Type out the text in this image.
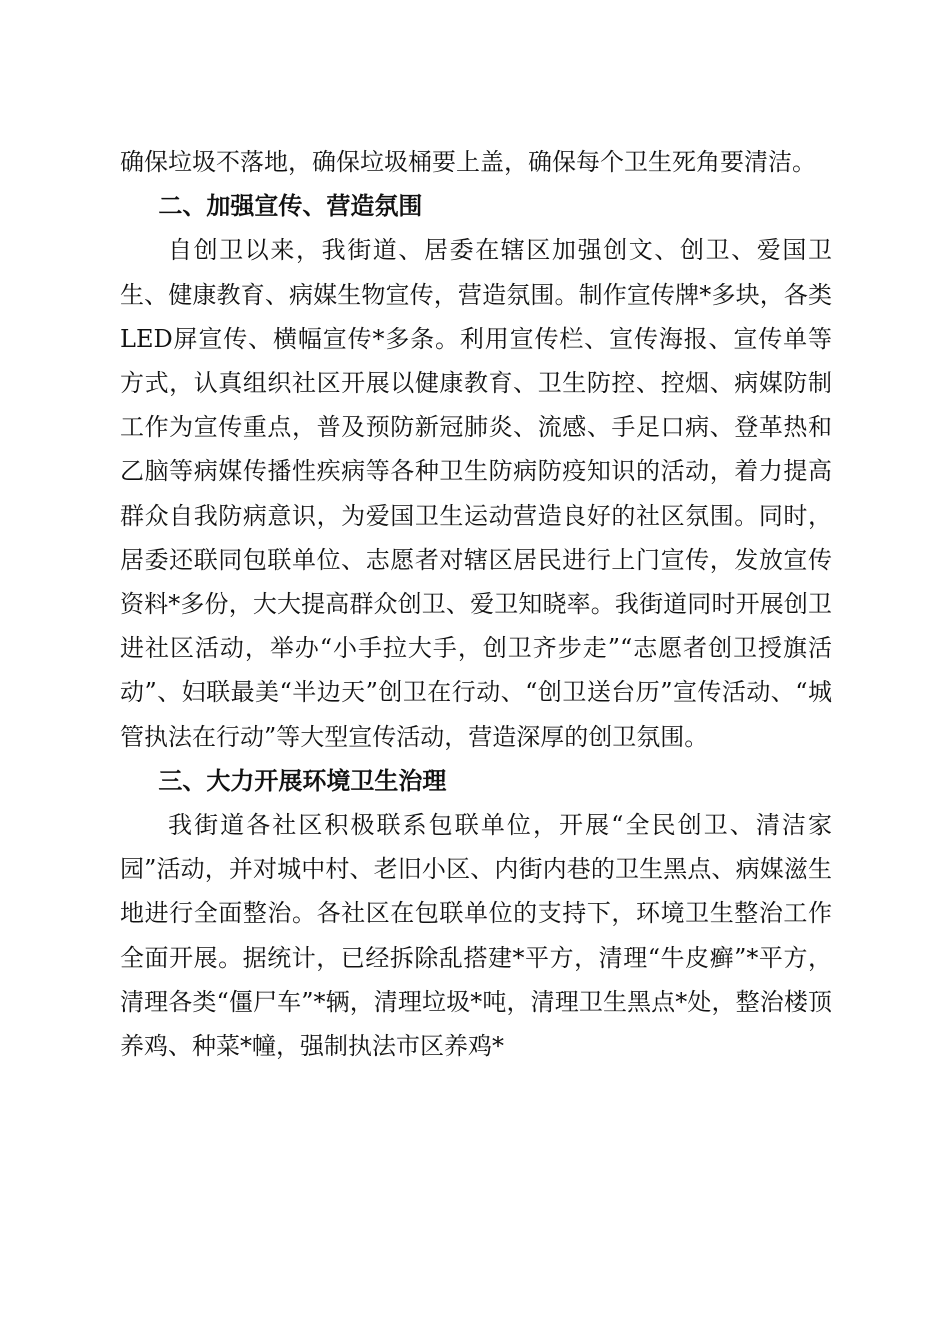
确保垃圾不落地，确保垃圾桶要上盖，确保每个卫生死角要清洁。

二、加强宣传、营造氛围

自创卫以来，我街道、居委在辖区加强创文、创卫、爱国卫生、健康教育、病媒生物宣传，营造氛围。制作宣传牌*多块，各类LED屏宣传、横幅宣传*多条。利用宣传栏、宣传海报、宣传单等方式，认真组织社区开展以健康教育、卫生防控、控烟、病媒防制工作为宣传重点，普及预防新冠肺炎、流感、手足口病、登革热和乙脑等病媒传播性疾病等各种卫生防病防疫知识的活动，着力提高群众自我防病意识，为爱国卫生运动营造良好的社区氛围。同时，居委还联同包联单位、志愿者对辖区居民进行上门宣传，发放宣传资料*多份，大大提高群众创卫、爱卫知晓率。我街道同时开展创卫进社区活动，举办“小手拉大手，创卫齐步走”“志愿者创卫授旗活动”、妇联最美“半边天”创卫在行动、“创卫送台历”宣传活动、“城管执法在行动”等大型宣传活动，营造深厚的创卫氛围。

三、大力开展环境卫生治理

我街道各社区积极联系包联单位，开展“全民创卫、清洁家园”活动，并对城中村、老旧小区、内街内巷的卫生黑点、病媒滋生地进行全面整治。各社区在包联单位的支持下，环境卫生整治工作全面开展。据统计，已经拆除乱搭建*平方，清理“牛皮癣”*平方，清理各类“僵尸车”*辆，清理垃圾*吨，清理卫生黑点*处，整治楼顶养鸡、种菜*幢，强制执法市区养鸡*
